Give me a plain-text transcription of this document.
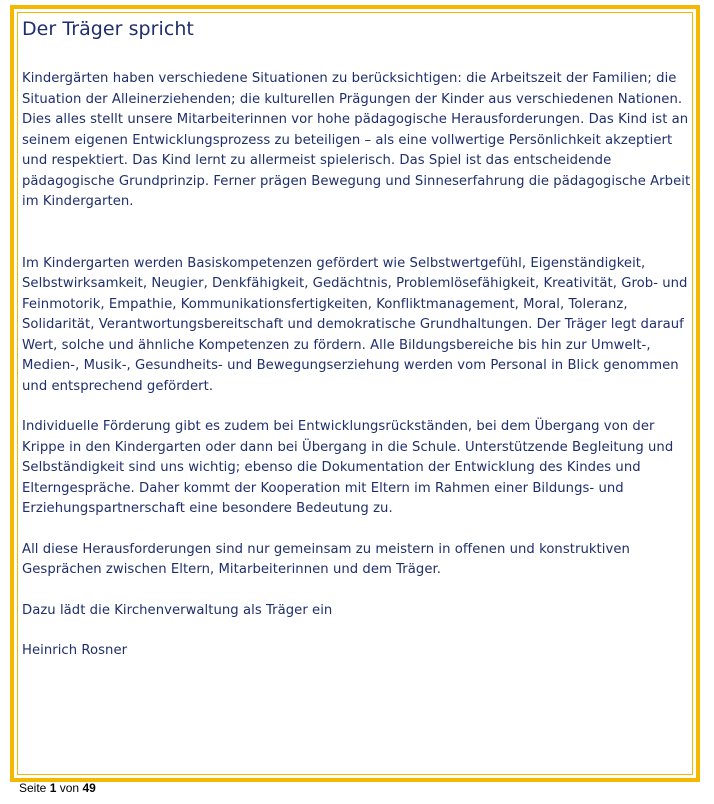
Der Träger spricht

Kindergärten haben verschiedene Situationen zu berücksichtigen: die Arbeitszeit der Familien; die Situation der Alleinerziehenden; die kulturellen Prägungen der Kinder aus verschiedenen Nationen. Dies alles stellt unsere Mitarbeiterinnen vor hohe pädagogische Herausforderungen. Das Kind ist an seinem eigenen Entwicklungsprozess zu beteiligen – als eine vollwertige Persönlichkeit akzeptiert und respektiert. Das Kind lernt zu allermeist spielerisch. Das Spiel ist das entscheidende pädagogische Grundprinzip. Ferner prägen Bewegung und Sinneserfahrung die pädagogische Arbeit im Kindergarten.

Im Kindergarten werden Basiskompetenzen gefördert wie Selbstwertgefühl, Eigenständigkeit, Selbstwirksamkeit, Neugier, Denkfähigkeit, Gedächtnis, Problemlösefähigkeit, Kreativität, Grob- und Feinmotorik, Empathie, Kommunikationsfertigkeiten, Konfliktmanagement, Moral, Toleranz, Solidarität, Verantwortungsbereitschaft und demokratische Grundhaltungen. Der Träger legt darauf Wert, solche und ähnliche Kompetenzen zu fördern. Alle Bildungsbereiche bis hin zur Umwelt-, Medien-, Musik-, Gesundheits- und Bewegungserziehung werden vom Personal in Blick genommen und entsprechend gefördert.

Individuelle Förderung gibt es zudem bei Entwicklungsrückständen, bei dem Übergang von der Krippe in den Kindergarten oder dann bei Übergang in die Schule. Unterstützende Begleitung und Selbständigkeit sind uns wichtig; ebenso die Dokumentation der Entwicklung des Kindes und Elterngespräche. Daher kommt der Kooperation mit Eltern im Rahmen einer Bildungs- und Erziehungspartnerschaft eine besondere Bedeutung zu.

All diese Herausforderungen sind nur gemeinsam zu meistern in offenen und konstruktiven Gesprächen zwischen Eltern, Mitarbeiterinnen und dem Träger.

Dazu lädt die Kirchenverwaltung als Träger ein

Heinrich Rosner

Seite 1 von 49
